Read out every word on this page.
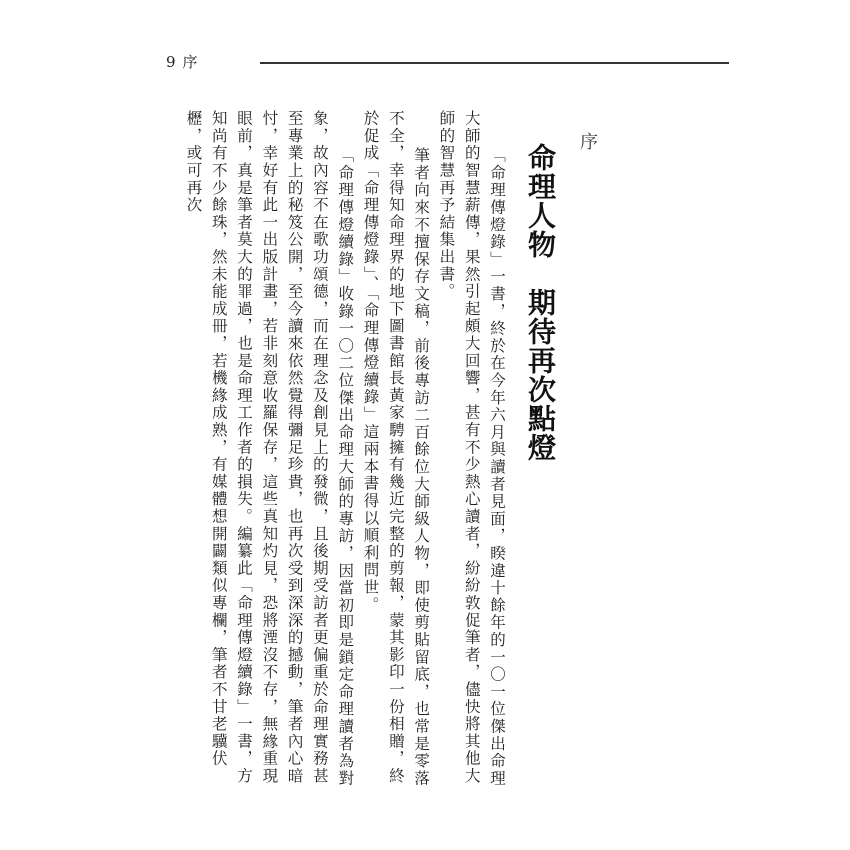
9 序
序
命理人物　期待再次點燈

「命理傳燈錄」一書，終於在今年六月與讀者見面，睽違十餘年的一〇一位傑出命理大師的智慧薪傳，果然引起頗大回響，甚有不少熱心讀者，紛紛敦促筆者，儘快將其他大師的智慧再予結集出書。

筆者向來不擅保存文稿，前後專訪二百餘位大師級人物，即使剪貼留底，也常是零落不全，幸得知命理界的地下圖書館長黃家騁擁有幾近完整的剪報，蒙其影印一份相贈，終於促成「命理傳燈錄」、「命理傳燈續錄」這兩本書得以順利問世。

「命理傳燈續錄」收錄一〇二位傑出命理大師的專訪，因當初即是鎖定命理讀者為對象，故內容不在歌功頌德，而在理念及創見上的發微，且後期受訪者更偏重於命理實務甚至專業上的秘笈公開，至今讀來依然覺得彌足珍貴，也再次受到深深的撼動，筆者內心暗忖，幸好有此一出版計畫，若非刻意收羅保存，這些真知灼見，恐將湮沒不存，無緣重現眼前，真是筆者莫大的罪過，也是命理工作者的損失。編纂此「命理傳燈續錄」一書，方知尚有不少餘珠，然未能成冊，若機緣成熟，有媒體想開闢類似專欄，筆者不甘老驥伏櫪，或可再次
